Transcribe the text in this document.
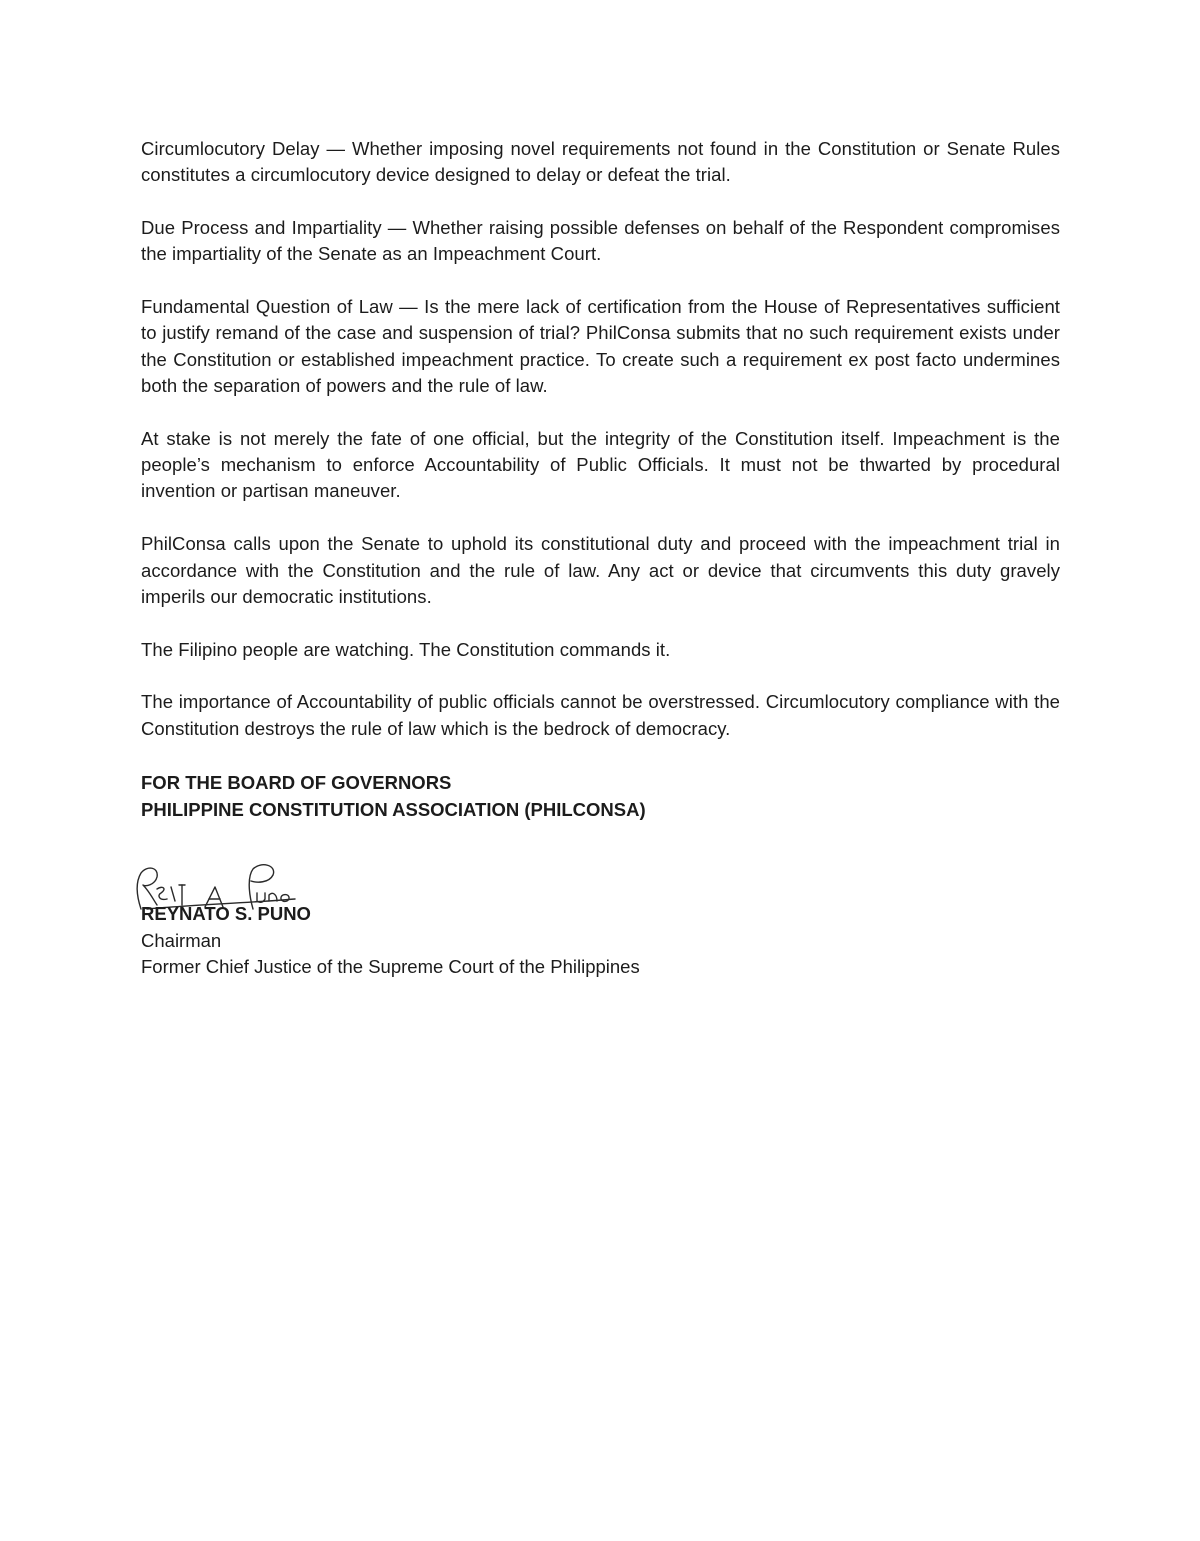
Circumlocutory Delay — Whether imposing novel requirements not found in the Constitution or Senate Rules constitutes a circumlocutory device designed to delay or defeat the trial.

Due Process and Impartiality — Whether raising possible defenses on behalf of the Respondent compromises the impartiality of the Senate as an Impeachment Court.

Fundamental Question of Law — Is the mere lack of certification from the House of Representatives sufficient to justify remand of the case and suspension of trial? PhilConsa submits that no such requirement exists under the Constitution or established impeachment practice. To create such a requirement ex post facto undermines both the separation of powers and the rule of law.

At stake is not merely the fate of one official, but the integrity of the Constitution itself. Impeachment is the people’s mechanism to enforce Accountability of Public Officials. It must not be thwarted by procedural invention or partisan maneuver.

PhilConsa calls upon the Senate to uphold its constitutional duty and proceed with the impeachment trial in accordance with the Constitution and the rule of law. Any act or device that circumvents this duty gravely imperils our democratic institutions.

The Filipino people are watching. The Constitution commands it.

The importance of Accountability of public officials cannot be overstressed. Circumlocutory compliance with the Constitution destroys the rule of law which is the bedrock of democracy.

FOR THE BOARD OF GOVERNORS
PHILIPPINE CONSTITUTION ASSOCIATION (PHILCONSA)
REYNATO S. PUNO
Chairman
Former Chief Justice of the Supreme Court of the Philippines
